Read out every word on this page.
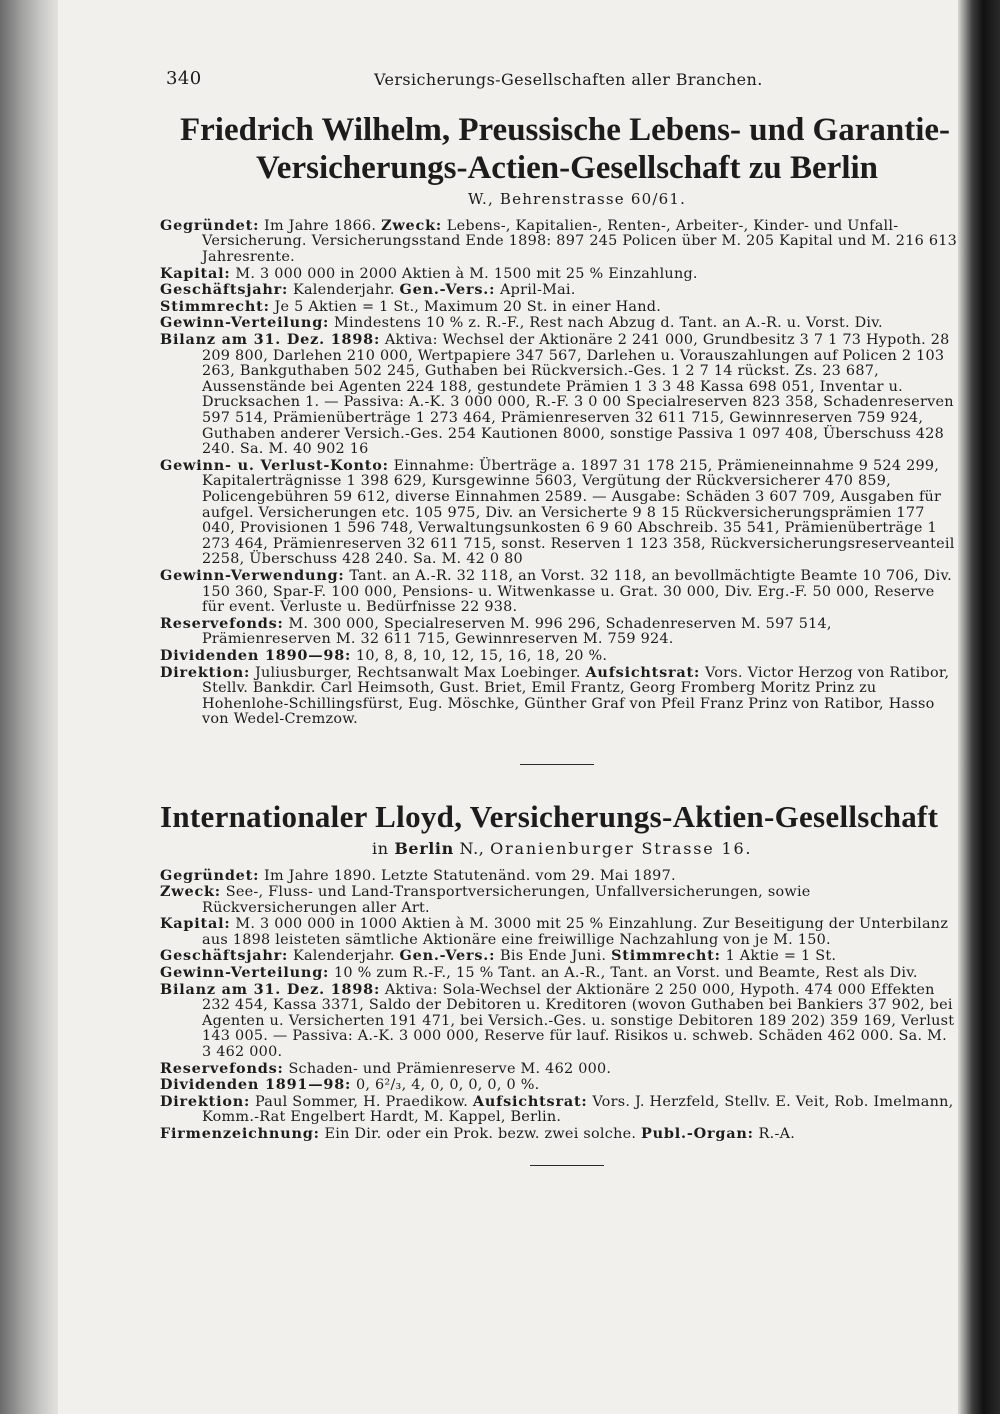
340	Versicherungs-Gesellschaften aller Branchen.
Friedrich Wilhelm, Preussische Lebens- und Garantie-
Versicherungs-Actien-Gesellschaft zu Berlin
W., Behrenstrasse 60/61.
Gegründet: Im Jahre 1866. Zweck: Lebens-, Kapitalien-, Renten-, Arbeiter-, Kinder- und Unfall-Versicherung. Versicherungsstand Ende 1898: 897 245 Policen über M. 205 Kapital und M. 216 613 Jahresrente.
Kapital: M. 3 000 000 in 2000 Aktien à M. 1500 mit 25 % Einzahlung.
Geschäftsjahr: Kalenderjahr. Gen.-Vers.: April-Mai.
Stimmrecht: Je 5 Aktien = 1 St., Maximum 20 St. in einer Hand.
Gewinn-Verteilung: Mindestens 10 % z. R.-F., Rest nach Abzug d. Tant. an A.-R. u. Vorst. Div.
Bilanz am 31. Dez. 1898: Aktiva: Wechsel der Aktionäre 2 241 000, Grundbesitz 3 7 1 73 Hypoth. 28 209 800, Darlehen 210 000, Wertpapiere 347 567, Darlehen u. Vorauszahlungen auf Policen 2 103 263, Bankguthaben 502 245, Guthaben bei Rückversich.-Ges. 1 2 7 14 rückst. Zs. 23 687, Aussenstände bei Agenten 224 188, gestundete Prämien 1 3 3 48 Kassa 698 051, Inventar u. Drucksachen 1. — Passiva: A.-K. 3 000 000, R.-F. 3 0 00 Specialreserven 823 358, Schadenreserven 597 514, Prämienüberträge 1 273 464, Prämienreserven 32 611 715, Gewinnreserven 759 924, Guthaben anderer Versich.-Ges. 254 Kautionen 8000, sonstige Passiva 1 097 408, Überschuss 428 240. Sa. M. 40 902 16
Gewinn- u. Verlust-Konto: Einnahme: Überträge a. 1897 31 178 215, Prämieneinnahme 9 524 299, Kapitalerträgnisse 1 398 629, Kursgewinne 5603, Vergütung der Rückversicherer 470 859, Policengebühren 59 612, diverse Einnahmen 2589. — Ausgabe: Schäden 3 607 709, Ausgaben für aufgel. Versicherungen etc. 105 975, Div. an Versicherte 9 8 15 Rückversicherungsprämien 177 040, Provisionen 1 596 748, Verwaltungsunkosten 6 9 60 Abschreib. 35 541, Prämienüberträge 1 273 464, Prämienreserven 32 611 715, sonst. Reserven 1 123 358, Rückversicherungsreserveanteil 2258, Überschuss 428 240. Sa. M. 42 0 80
Gewinn-Verwendung: Tant. an A.-R. 32 118, an Vorst. 32 118, an bevollmächtigte Beamte 10 706, Div. 150 360, Spar-F. 100 000, Pensions- u. Witwenkasse u. Grat. 30 000, Div. Erg.-F. 50 000, Reserve für event. Verluste u. Bedürfnisse 22 938.
Reservefonds: M. 300 000, Specialreserven M. 996 296, Schadenreserven M. 597 514, Prämienreserven M. 32 611 715, Gewinnreserven M. 759 924.
Dividenden 1890—98: 10, 8, 8, 10, 12, 15, 16, 18, 20 %.
Direktion: Juliusburger, Rechtsanwalt Max Loebinger. Aufsichtsrat: Vors. Victor Herzog von Ratibor, Stellv. Bankdir. Carl Heimsoth, Gust. Briet, Emil Frantz, Georg Fromberg Moritz Prinz zu Hohenlohe-Schillingsfürst, Eug. Möschke, Günther Graf von Pfeil Franz Prinz von Ratibor, Hasso von Wedel-Cremzow.
Internationaler Lloyd, Versicherungs-Aktien-Gesellschaft
in Berlin N., Oranienburger Strasse 16.
Gegründet: Im Jahre 1890. Letzte Statutenänd. vom 29. Mai 1897.
Zweck: See-, Fluss- und Land-Transportversicherungen, Unfallversicherungen, sowie Rückversicherungen aller Art.
Kapital: M. 3 000 000 in 1000 Aktien à M. 3000 mit 25 % Einzahlung. Zur Beseitigung der Unterbilanz aus 1898 leisteten sämtliche Aktionäre eine freiwillige Nachzahlung von je M. 150.
Geschäftsjahr: Kalenderjahr. Gen.-Vers.: Bis Ende Juni. Stimmrecht: 1 Aktie = 1 St.
Gewinn-Verteilung: 10 % zum R.-F., 15 % Tant. an A.-R., Tant. an Vorst. und Beamte, Rest als Div.
Bilanz am 31. Dez. 1898: Aktiva: Sola-Wechsel der Aktionäre 2 250 000, Hypoth. 474 000 Effekten 232 454, Kassa 3371, Saldo der Debitoren u. Kreditoren (wovon Guthaben bei Bankiers 37 902, bei Agenten u. Versicherten 191 471, bei Versich.-Ges. u. sonstige Debitoren 189 202) 359 169, Verlust 143 005. — Passiva: A.-K. 3 000 000, Reserve für lauf. Risikos u. schweb. Schäden 462 000. Sa. M. 3 462 000.
Reservefonds: Schaden- und Prämienreserve M. 462 000.
Dividenden 1891—98: 0, 6²/₃, 4, 0, 0, 0, 0, 0 %.
Direktion: Paul Sommer, H. Praedikow. Aufsichtsrat: Vors. J. Herzfeld, Stellv. E. Veit, Rob. Imelmann, Komm.-Rat Engelbert Hardt, M. Kappel, Berlin.
Firmenzeichnung: Ein Dir. oder ein Prok. bezw. zwei solche. Publ.-Organ: R.-A.
